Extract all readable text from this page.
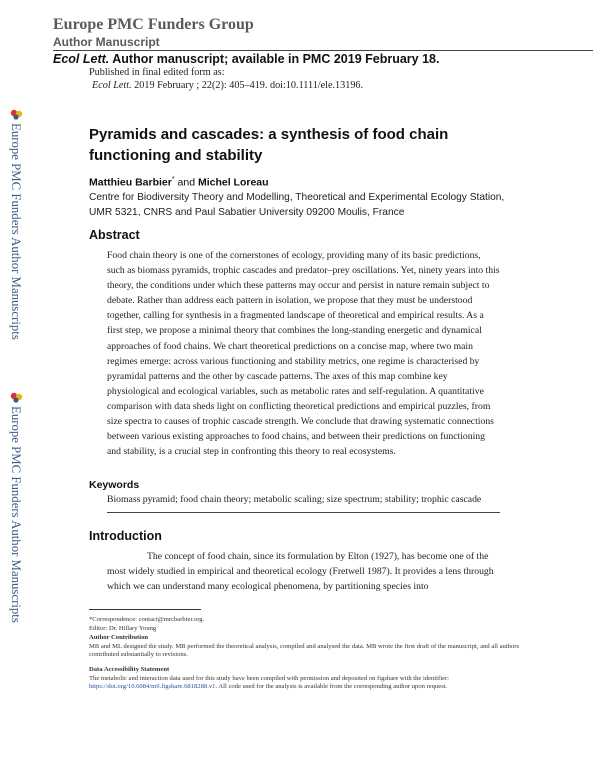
Europe PMC Funders Group
Author Manuscript
Ecol Lett. Author manuscript; available in PMC 2019 February 18.
Published in final edited form as:
Ecol Lett. 2019 February ; 22(2): 405–419. doi:10.1111/ele.13196.
Europe PMC Funders Author Manuscripts
Europe PMC Funders Author Manuscripts
Pyramids and cascades: a synthesis of food chain functioning and stability
Matthieu Barbier* and Michel Loreau
Centre for Biodiversity Theory and Modelling, Theoretical and Experimental Ecology Station, UMR 5321, CNRS and Paul Sabatier University 09200 Moulis, France
Abstract

Food chain theory is one of the cornerstones of ecology, providing many of its basic predictions, such as biomass pyramids, trophic cascades and predator–prey oscillations. Yet, ninety years into this theory, the conditions under which these patterns may occur and persist in nature remain subject to debate. Rather than address each pattern in isolation, we propose that they must be understood together, calling for synthesis in a fragmented landscape of theoretical and empirical results. As a first step, we propose a minimal theory that combines the long-standing energetic and dynamical approaches of food chains. We chart theoretical predictions on a concise map, where two main regimes emerge: across various functioning and stability metrics, one regime is characterised by pyramidal patterns and the other by cascade patterns. The axes of this map combine key physiological and ecological variables, such as metabolic rates and self-regulation. A quantitative comparison with data sheds light on conflicting theoretical predictions and empirical puzzles, from size spectra to causes of trophic cascade strength. We conclude that drawing systematic connections between various existing approaches to food chains, and between their predictions on functioning and stability, is a crucial step in confronting this theory to real ecosystems.

Keywords
Biomass pyramid; food chain theory; metabolic scaling; size spectrum; stability; trophic cascade
Introduction

The concept of food chain, since its formulation by Elton (1927), has become one of the most widely studied in empirical and theoretical ecology (Fretwell 1987). It provides a lens through which we can understand many ecological phenomena, by partitioning species into

*Correspondence: contact@mrcbarbier.org.

Editor: Dr. Hillary Young

Author Contribution

MB and ML designed the study. MB performed the theoretical analysis, compiled and analysed the data. MB wrote the first draft of the manuscript, and all authors contributed substantially to revisions.

Data Accessibility Statement

The metabolic and interaction data used for this study have been compiled with permission and deposited on figshare with the identifier: https://doi.org/10.6084/m9.figshare.6818288.v1. All code used for the analysis is available from the corresponding author upon request.
